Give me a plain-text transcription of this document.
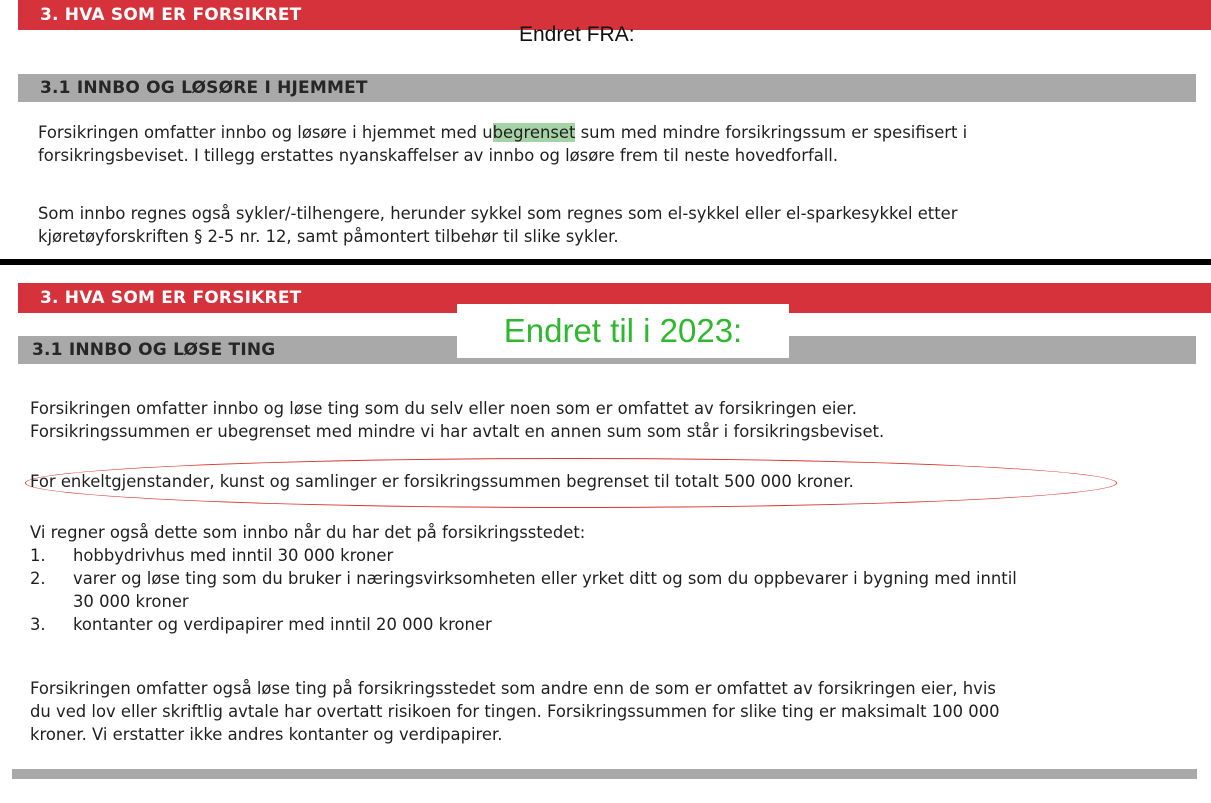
3. HVA SOM ER FORSIKRET
Endret FRA:
3.1 INNBO OG LØSØRE I HJEMMET

Forsikringen omfatter innbo og løsøre i hjemmet med ubegrenset sum med mindre forsikringssum er spesifisert i

forsikringsbeviset. I tillegg erstattes nyanskaffelser av innbo og løsøre frem til neste hovedforfall.

Som innbo regnes også sykler/-tilhengere, herunder sykkel som regnes som el-sykkel eller el-sparkesykkel etter

kjøretøyforskriften § 2-5 nr. 12, samt påmontert tilbehør til slike sykler.

3. HVA SOM ER FORSIKRET
3.1 INNBO OG LØSE TING
Endret til i 2023:

Forsikringen omfatter innbo og løse ting som du selv eller noen som er omfattet av forsikringen eier.

Forsikringssummen er ubegrenset med mindre vi har avtalt en annen sum som står i forsikringsbeviset.

For enkeltgjenstander, kunst og samlinger er forsikringssummen begrenset til totalt 500 000 kroner.
Vi regner også dette som innbo når du har det på forsikringsstedet:
1.	hobbydrivhus med inntil 30 000 kroner
2.	varer og løse ting som du bruker i næringsvirksomheten eller yrket ditt og som du oppbevarer i bygning med inntil
30 000 kroner
3.	kontanter og verdipapirer med inntil 20 000 kroner

Forsikringen omfatter også løse ting på forsikringsstedet som andre enn de som er omfattet av forsikringen eier, hvis

du ved lov eller skriftlig avtale har overtatt risikoen for tingen. Forsikringssummen for slike ting er maksimalt 100 000

kroner. Vi erstatter ikke andres kontanter og verdipapirer.
